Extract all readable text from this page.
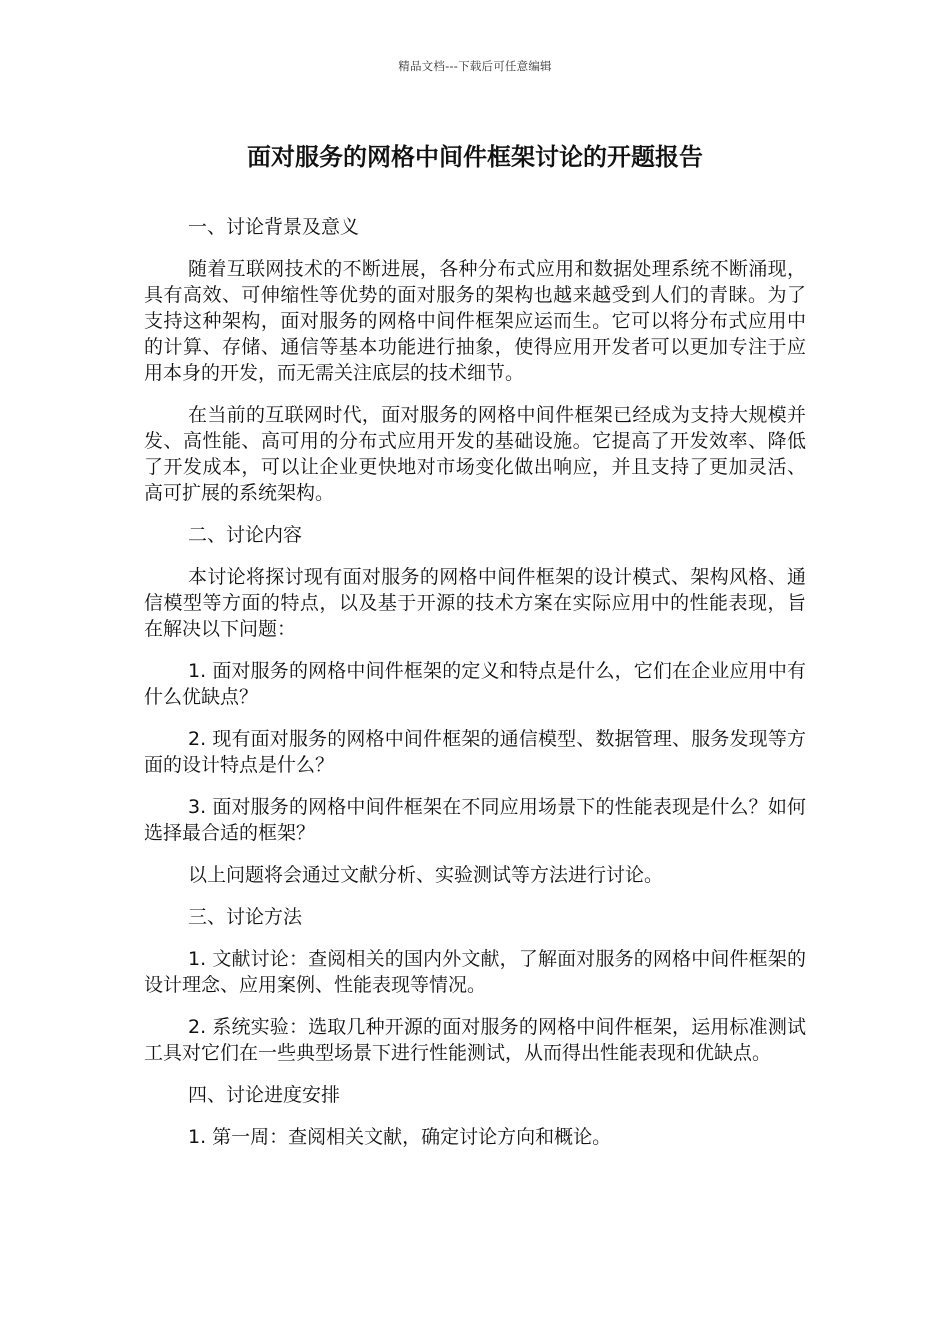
精品文档---下载后可任意编辑
面对服务的网格中间件框架讨论的开题报告

一、讨论背景及意义

随着互联网技术的不断进展，各种分布式应用和数据处理系统不断涌现，具有高效、可伸缩性等优势的面对服务的架构也越来越受到人们的青睐。为了支持这种架构，面对服务的网格中间件框架应运而生。它可以将分布式应用中的计算、存储、通信等基本功能进行抽象，使得应用开发者可以更加专注于应用本身的开发，而无需关注底层的技术细节。

在当前的互联网时代，面对服务的网格中间件框架已经成为支持大规模并发、高性能、高可用的分布式应用开发的基础设施。它提高了开发效率、降低了开发成本，可以让企业更快地对市场变化做出响应，并且支持了更加灵活、高可扩展的系统架构。

二、讨论内容

本讨论将探讨现有面对服务的网格中间件框架的设计模式、架构风格、通信模型等方面的特点，以及基于开源的技术方案在实际应用中的性能表现，旨在解决以下问题：

1. 面对服务的网格中间件框架的定义和特点是什么，它们在企业应用中有什么优缺点？

2. 现有面对服务的网格中间件框架的通信模型、数据管理、服务发现等方面的设计特点是什么？

3. 面对服务的网格中间件框架在不同应用场景下的性能表现是什么？如何选择最合适的框架？

以上问题将会通过文献分析、实验测试等方法进行讨论。

三、讨论方法

1. 文献讨论：查阅相关的国内外文献，了解面对服务的网格中间件框架的设计理念、应用案例、性能表现等情况。

2. 系统实验：选取几种开源的面对服务的网格中间件框架，运用标准测试工具对它们在一些典型场景下进行性能测试，从而得出性能表现和优缺点。

四、讨论进度安排

1. 第一周：查阅相关文献，确定讨论方向和概论。
